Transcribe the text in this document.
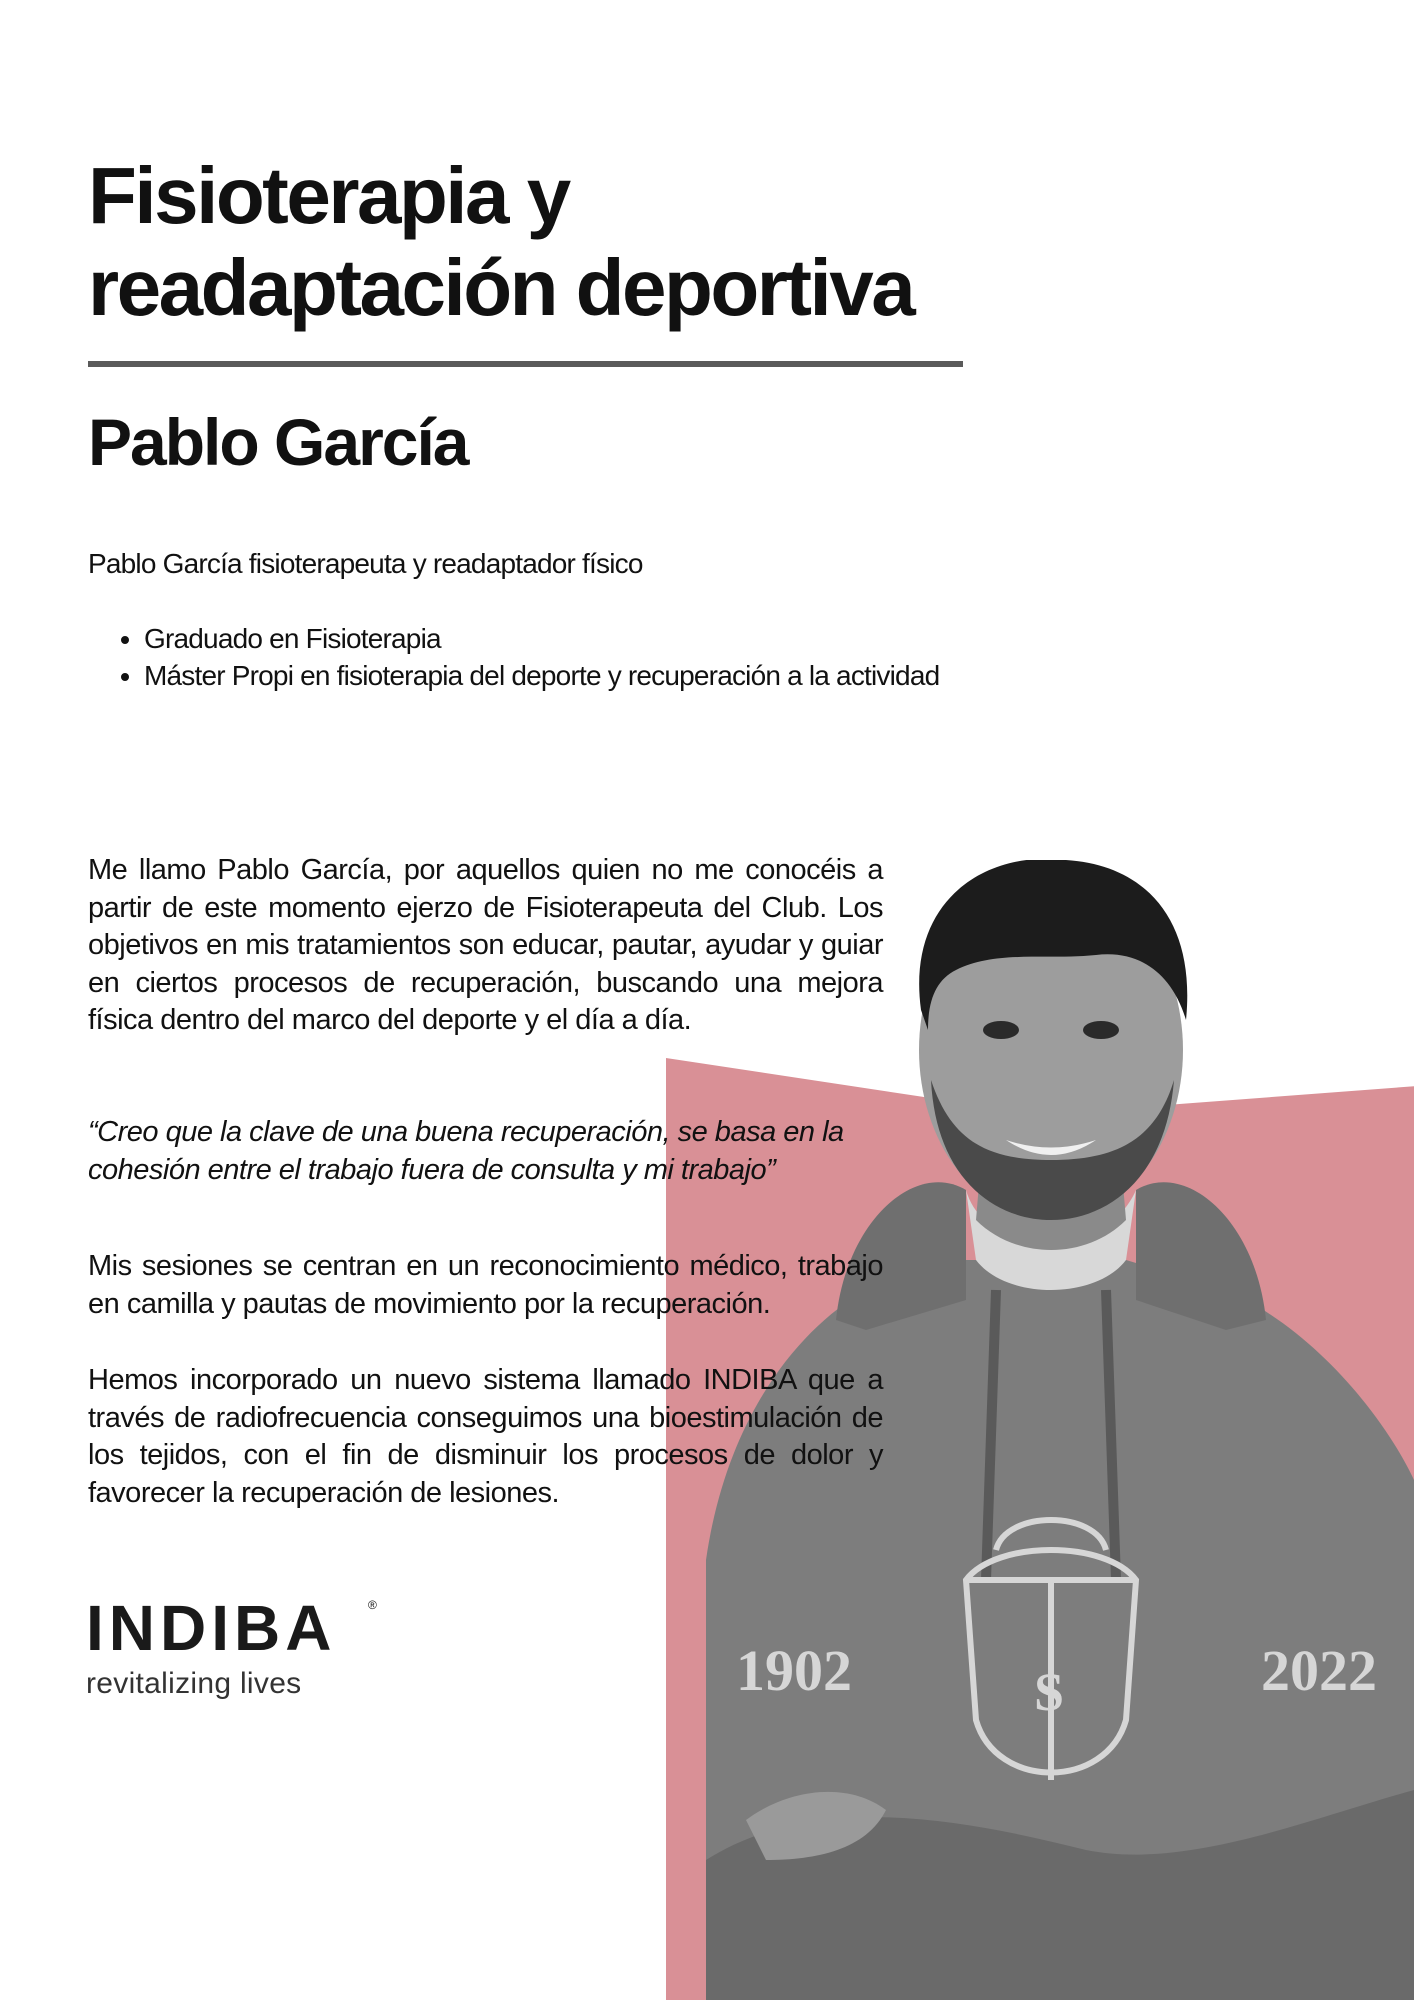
1902	2022
S
Fisioterapia y
readaptación deportiva
Pablo García

Pablo García fisioterapeuta y readaptador físico

• Graduado en Fisioterapia
• Máster Propi en fisioterapia del deporte y recuperación a la actividad

Me llamo Pablo García, por aquellos quien no me conocéis a partir de este momento ejerzo de Fisioterapeuta del Club. Los objetivos en mis tratamientos son educar, pautar, ayudar y guiar en ciertos procesos de recuperación, buscando una mejora física dentro del marco del deporte y el día a día.

“Creo que la clave de una buena recuperación, se basa en la cohesión entre el trabajo fuera de consulta y mi trabajo”

Mis sesiones se centran en un reconocimiento médico, trabajo en camilla y pautas de movimiento por la recuperación.

Hemos incorporado un nuevo sistema llamado INDIBA que a través de radiofrecuencia conseguimos una bioestimulación de los tejidos, con el fin de disminuir los procesos de dolor y favorecer la recuperación de lesiones.

INDIBA	®
revitalizing lives
